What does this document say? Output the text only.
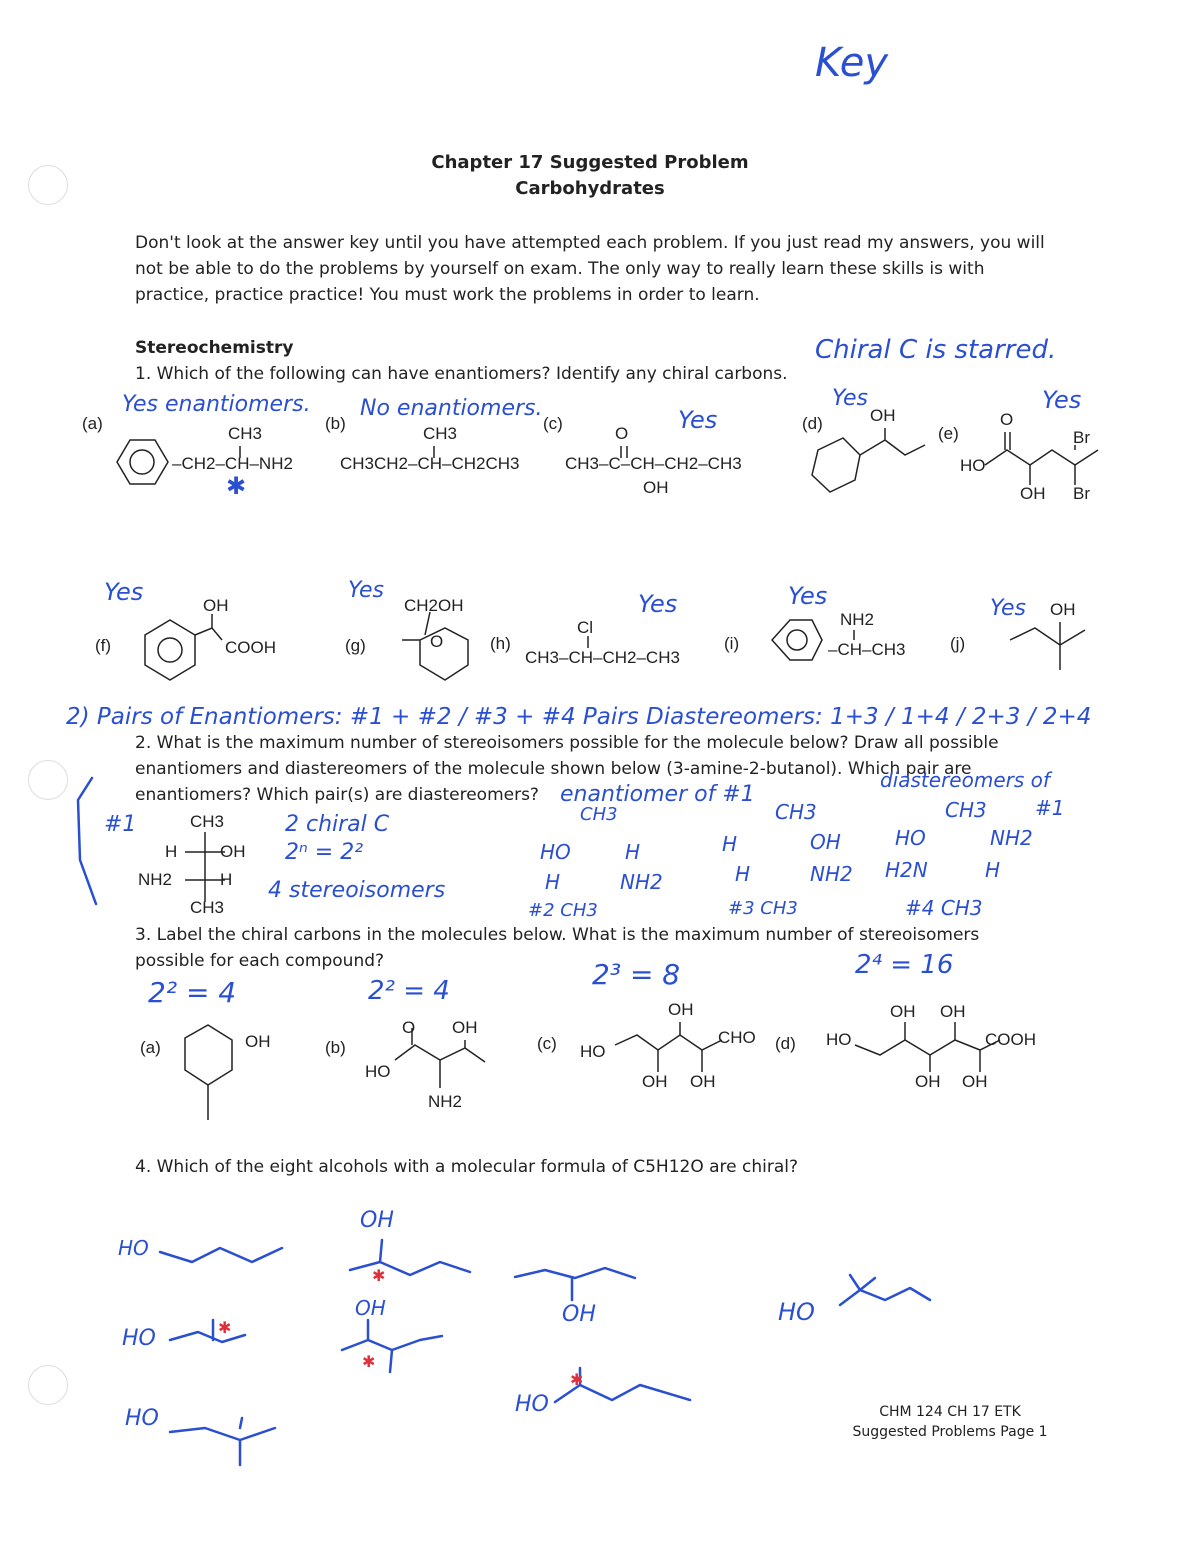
Key
Chapter 17 Suggested Problem
Carbohydrates
Don't look at the answer key until you have attempted each problem. If you just read my answers, you will not be able to do the problems by yourself on exam. The only way to really learn these skills is with practice, practice practice! You must work the problems in order to learn.
Stereochemistry
1. Which of the following can have enantiomers? Identify any chiral carbons.
Chiral C is starred.
(a)
Yes enantiomers.
CH3
–CH2–CH–NH2
✱
(b)
No enantiomers.
CH3
CH3CH2–CH–CH2CH3
(c)	Yes
O
CH3–C–CH–CH2–CH3
OH
(d)
Yes
OH
(e)
Yes
O
Br
HO
OH Br
Yes
(f)
OH
COOH
Yes
(g)
CH2OH
O	(h)
Yes
Cl
CH3–CH–CH2–CH3
(i)
Yes
NH2
–CH–CH3	(j)
Yes OH
2) Pairs of Enantiomers: #1 + #2 / #3 + #4 Pairs Diastereomers: 1+3 / 1+4 / 2+3 / 2+4
2. What is the maximum number of stereoisomers possible for the molecule below? Draw all possible
enantiomers and diastereomers of the molecule shown below (3-amine-2-butanol). Which pair are
enantiomers? Which pair(s) are diastereomers? enantiomer of #1
diastereomers of
#1	2 chiral C
2ⁿ = 2²
4 stereoisomers
CH3
H	OH
NH2	H
CH3
CH3
HO	H
H	NH2
#2 CH3
CH3
H	OH
H	NH2
#3 CH3
CH3 #1
HO	NH2
H2N	H
#4 CH3
3. Label the chiral carbons in the molecules below. What is the maximum number of stereoisomers
possible for each compound?
2² = 4	2² = 4	2³ = 8	2⁴ = 16
(a)	OH	(b)
O OH
HO
NH2
(c)
OH
CHO
HO
OH OH
(d)
OH OH
COOH
HO
OH OH
4. Which of the eight alcohols with a molecular formula of C5H12O are chiral?
HO
OH
OH	OH	HO
HO
HO
HO
✱
✱
✱
✱
CHM 124 CH 17 ETK
Suggested Problems Page 1
